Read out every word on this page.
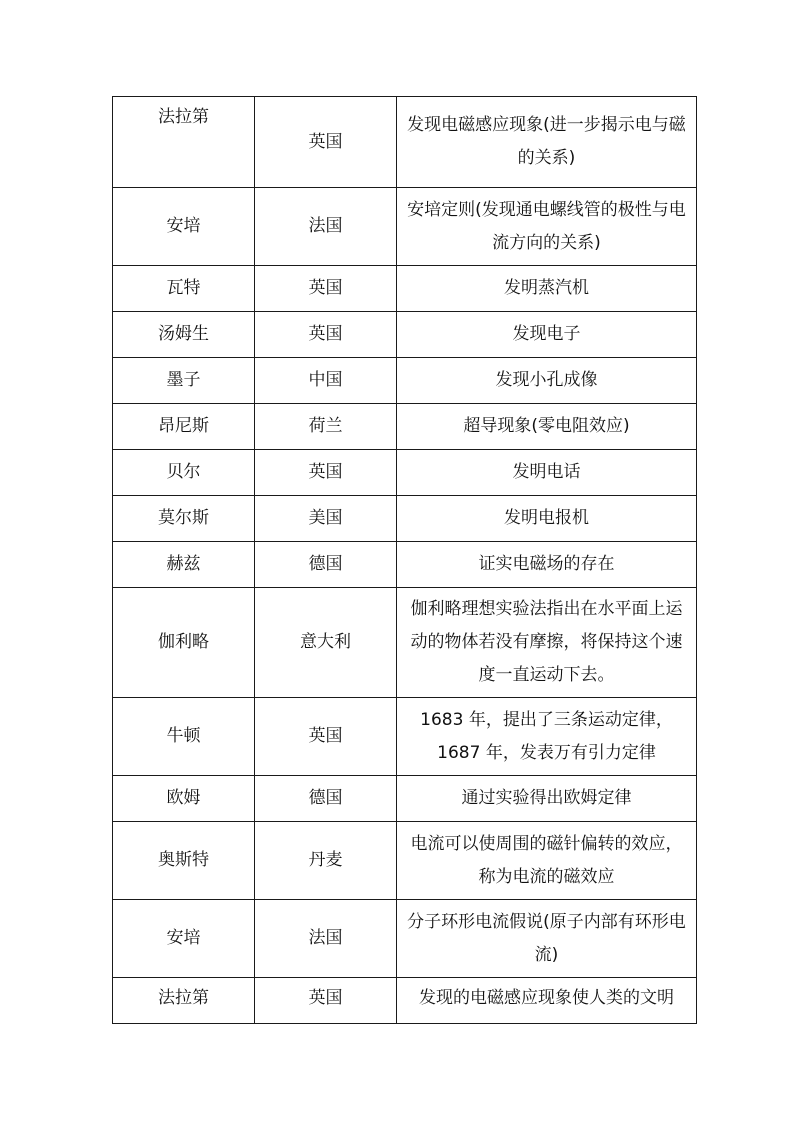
法拉第	英国	发现电磁感应现象(进一步揭示电与磁的关系)
安培	法国	安培定则(发现通电螺线管的极性与电流方向的关系)
瓦特	英国	发明蒸汽机
汤姆生	英国	发现电子
墨子	中国	发现小孔成像
昂尼斯	荷兰	超导现象(零电阻效应)
贝尔	英国	发明电话
莫尔斯	美国	发明电报机
赫兹	德国	证实电磁场的存在
伽利略	意大利	伽利略理想实验法指出在水平面上运动的物体若没有摩擦，将保持这个速度一直运动下去。
牛顿	英国	1683 年，提出了三条运动定律，1687 年，发表万有引力定律
欧姆	德国	通过实验得出欧姆定律
奥斯特	丹麦	电流可以使周围的磁针偏转的效应，称为电流的磁效应
安培	法国	分子环形电流假说(原子内部有环形电流)
法拉第	英国	发现的电磁感应现象使人类的文明
